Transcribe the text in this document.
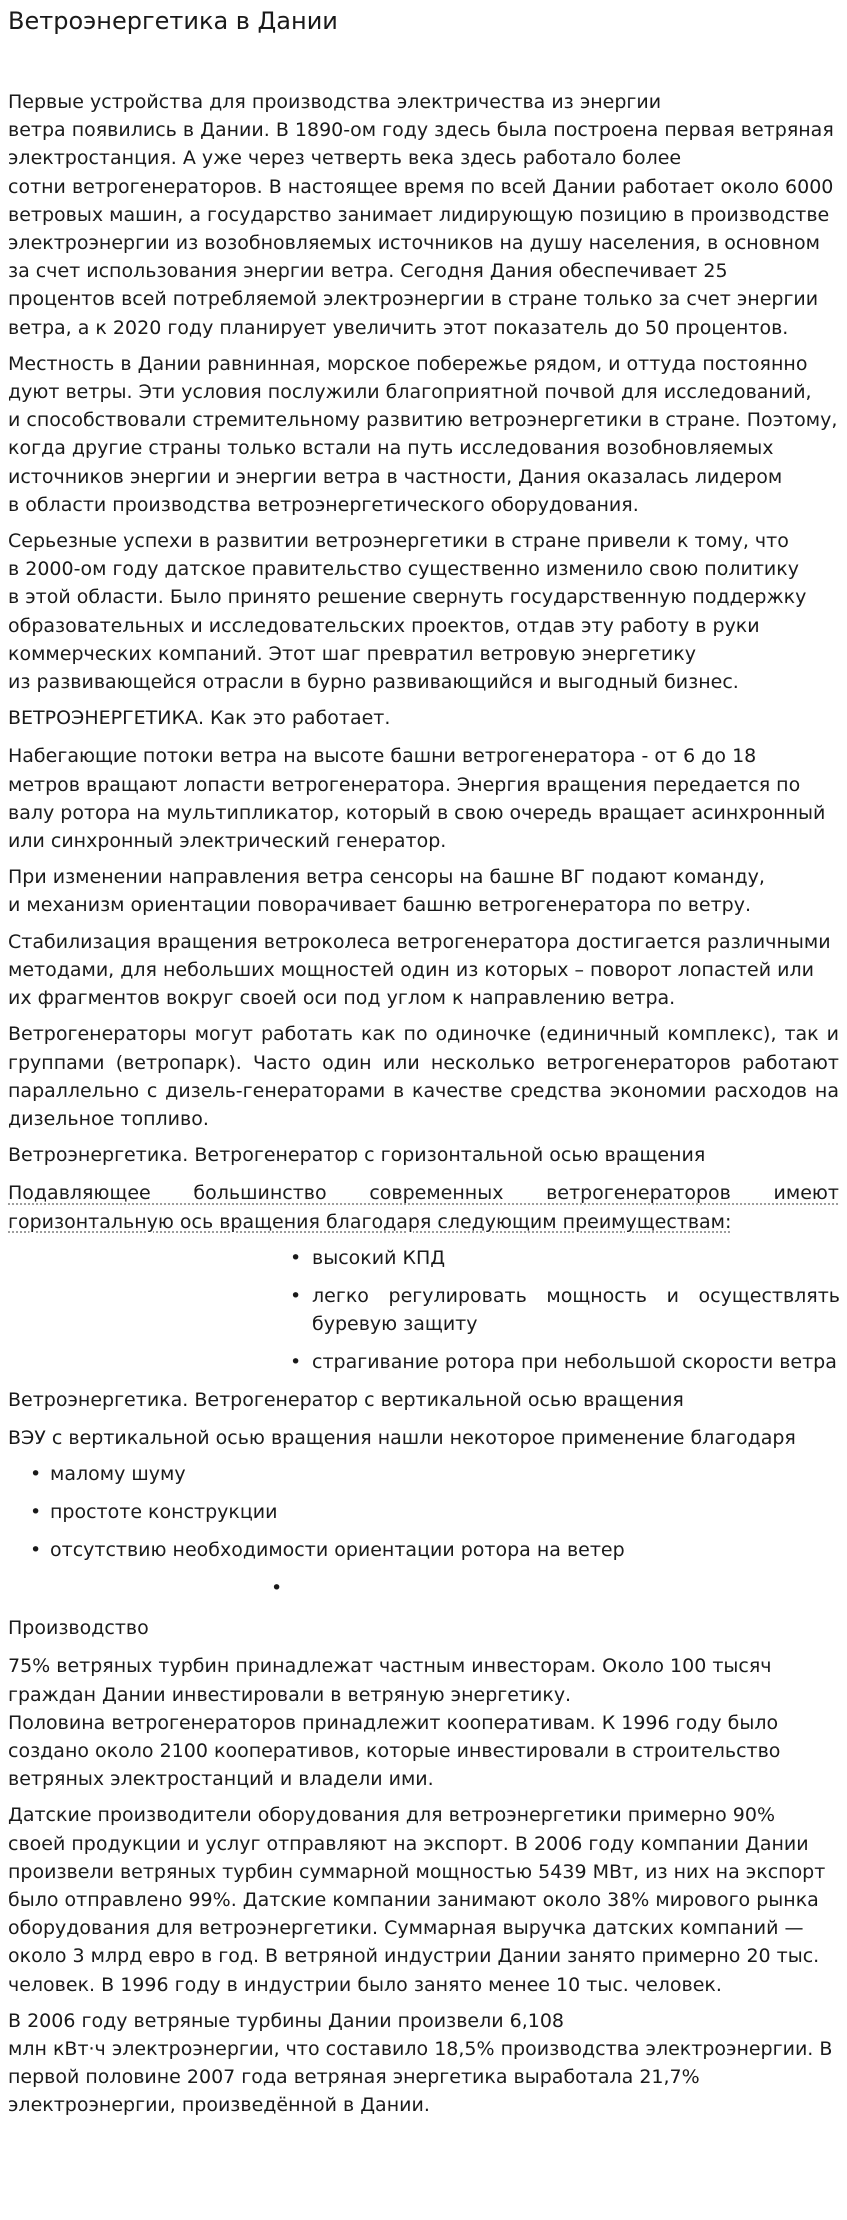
Ветроэнергетика в Дании
Первые устройства для производства электричества из энергии
ветра появились в Дании. В 1890-ом году здесь была построена первая ветряная
электростанция. А уже через четверть века здесь работало более
сотни ветрогенераторов. В настоящее время по всей Дании работает около 6000
ветровых машин, а государство занимает лидирующую позицию в производстве
электроэнергии из возобновляемых источников на душу населения, в основном
за счет использования энергии ветра. Сегодня Дания обеспечивает 25
процентов всей потребляемой электроэнергии в стране только за счет энергии
ветра, а к 2020 году планирует увеличить этот показатель до 50 процентов.
Местность в Дании равнинная, морское побережье рядом, и оттуда постоянно
дуют ветры. Эти условия послужили благоприятной почвой для исследований,
и способствовали стремительному развитию ветроэнергетики в стране. Поэтому,
когда другие страны только встали на путь исследования возобновляемых
источников энергии и энергии ветра в частности, Дания оказалась лидером
в области производства ветроэнергетического оборудования.
Серьезные успехи в развитии ветроэнергетики в стране привели к тому, что
в 2000-ом году датское правительство существенно изменило свою политику
в этой области. Было принято решение свернуть государственную поддержку
образовательных и исследовательских проектов, отдав эту работу в руки
коммерческих компаний. Этот шаг превратил ветровую энергетику
из развивающейся отрасли в бурно развивающийся и выгодный бизнес.
ВЕТРОЭНЕРГЕТИКА. Как это работает.
Набегающие потоки ветра на высоте башни ветрогенератора - от 6 до 18
метров вращают лопасти ветрогенератора. Энергия вращения передается по
валу ротора на мультипликатор, который в свою очередь вращает асинхронный
или синхронный электрический генератор.
При изменении направления ветра сенсоры на башне ВГ подают команду,
и механизм ориентации поворачивает башню ветрогенератора по ветру.
Стабилизация вращения ветроколеса ветрогенератора достигается различными
методами, для небольших мощностей один из которых – поворот лопастей или
их фрагментов вокруг своей оси под углом к направлению ветра.
Ветрогенераторы могут работать как по одиночке (единичный комплекс), так и группами (ветропарк). Часто один или несколько ветрогенераторов работают параллельно с дизель-генераторами в качестве средства экономии расходов на дизельное топливо.
Ветроэнергетика. Ветрогенератор с горизонтальной осью вращения
Подавляющее большинство современных ветрогенераторов имеют горизонтальную ось вращения благодаря следующим преимуществам:
• высокий КПД
• легко регулировать мощность и осуществлять буревую защиту
• страгивание ротора при небольшой скорости ветра
Ветроэнергетика. Ветрогенератор с вертикальной осью вращения
ВЭУ с вертикальной осью вращения нашли некоторое применение благодаря
• малому шуму
• простоте конструкции
• отсутствию необходимости ориентации ротора на ветер
•
Производство
75% ветряных турбин принадлежат частным инвесторам. Около 100 тысяч
граждан Дании инвестировали в ветряную энергетику.
Половина ветрогенераторов принадлежит кооперативам. К 1996 году было
создано около 2100 кооперативов, которые инвестировали в строительство
ветряных электростанций и владели ими.
Датские производители оборудования для ветроэнергетики примерно 90%
своей продукции и услуг отправляют на экспорт. В 2006 году компании Дании
произвели ветряных турбин суммарной мощностью 5439 МВт, из них на экспорт
было отправлено 99%. Датские компании занимают около 38% мирового рынка
оборудования для ветроэнергетики. Суммарная выручка датских компаний —
около 3 млрд евро в год. В ветряной индустрии Дании занято примерно 20 тыс.
человек. В 1996 году в индустрии было занято менее 10 тыс. человек.
В 2006 году ветряные турбины Дании произвели 6,108
млн кВт·ч электроэнергии, что составило 18,5% производства электроэнергии. В
первой половине 2007 года ветряная энергетика выработала 21,7%
электроэнергии, произведённой в Дании.
